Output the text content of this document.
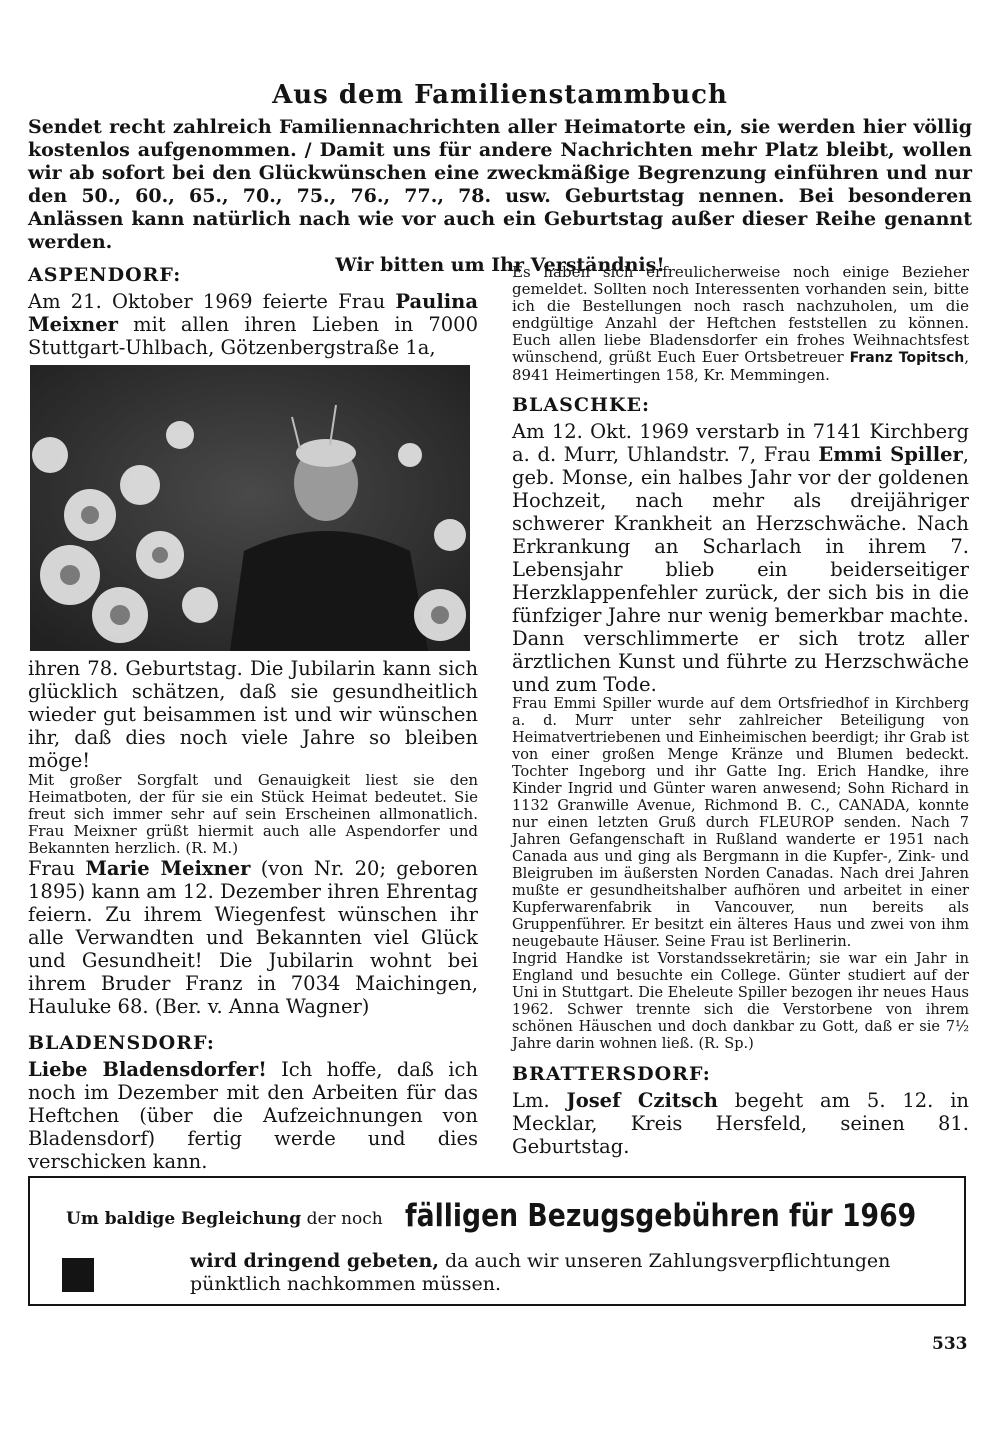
Aus dem Familienstammbuch
Sendet recht zahlreich Familiennachrichten aller Heimatorte ein, sie werden hier völlig kostenlos aufgenommen. / Damit uns für andere Nachrichten mehr Platz bleibt, wollen wir ab sofort bei den Glückwünschen eine zweckmäßige Begrenzung einführen und nur den 50., 60., 65., 70., 75., 76., 77., 78. usw. Geburtstag nennen. Bei besonderen Anlässen kann natürlich nach wie vor auch ein Geburtstag außer dieser Reihe genannt werden.
Wir bitten um Ihr Verständnis!
ASPENDORF:

Am 21. Oktober 1969 feierte Frau Paulina Meixner mit allen ihren Lieben in 7000 Stuttgart-Uhlbach, Götzenbergstraße 1a,

ihren 78. Geburtstag. Die Jubilarin kann sich glücklich schätzen, daß sie gesundheitlich wieder gut beisammen ist und wir wünschen ihr, daß dies noch viele Jahre so bleiben möge!

Mit großer Sorgfalt und Genauigkeit liest sie den Heimatboten, der für sie ein Stück Heimat bedeutet. Sie freut sich immer sehr auf sein Erscheinen allmonatlich. Frau Meixner grüßt hiermit auch alle Aspendorfer und Bekannten herzlich. (R. M.)

Frau Marie Meixner (von Nr. 20; geboren 1895) kann am 12. Dezember ihren Ehrentag feiern. Zu ihrem Wiegenfest wünschen ihr alle Verwandten und Bekannten viel Glück und Gesundheit! Die Jubilarin wohnt bei ihrem Bruder Franz in 7034 Maichingen, Hauluke 68. (Ber. v. Anna Wagner)

BLADENSDORF:

Liebe Bladensdorfer! Ich hoffe, daß ich noch im Dezember mit den Arbeiten für das Heftchen (über die Aufzeichnungen von Bladensdorf) fertig werde und dies verschicken kann.

Es haben sich erfreulicherweise noch einige Bezieher gemeldet. Sollten noch Interessenten vorhanden sein, bitte ich die Bestellungen noch rasch nachzuholen, um die endgültige Anzahl der Heftchen feststellen zu können. Euch allen liebe Bladensdorfer ein frohes Weihnachtsfest wünschend, grüßt Euch Euer Ortsbetreuer Franz Topitsch, 8941 Heimertingen 158, Kr. Memmingen.

BLASCHKE:

Am 12. Okt. 1969 verstarb in 7141 Kirchberg a. d. Murr, Uhlandstr. 7, Frau Emmi Spiller, geb. Monse, ein halbes Jahr vor der goldenen Hochzeit, nach mehr als dreijähriger schwerer Krankheit an Herzschwäche. Nach Erkrankung an Scharlach in ihrem 7. Lebensjahr blieb ein beiderseitiger Herzklappenfehler zurück, der sich bis in die fünfziger Jahre nur wenig bemerkbar machte. Dann verschlimmerte er sich trotz aller ärztlichen Kunst und führte zu Herzschwäche und zum Tode.

Frau Emmi Spiller wurde auf dem Ortsfriedhof in Kirchberg a. d. Murr unter sehr zahlreicher Beteiligung von Heimatvertriebenen und Einheimischen beerdigt; ihr Grab ist von einer großen Menge Kränze und Blumen bedeckt. Tochter Ingeborg und ihr Gatte Ing. Erich Handke, ihre Kinder Ingrid und Günter waren anwesend; Sohn Richard in 1132 Granwille Avenue, Richmond B. C., CANADA, konnte nur einen letzten Gruß durch FLEUROP senden. Nach 7 Jahren Gefangenschaft in Rußland wanderte er 1951 nach Canada aus und ging als Bergmann in die Kupfer-, Zink- und Bleigruben im äußersten Norden Canadas. Nach drei Jahren mußte er gesundheitshalber aufhören und arbeitet in einer Kupferwarenfabrik in Vancouver, nun bereits als Gruppenführer. Er besitzt ein älteres Haus und zwei von ihm neugebaute Häuser. Seine Frau ist Berlinerin.

Ingrid Handke ist Vorstandssekretärin; sie war ein Jahr in England und besuchte ein College. Günter studiert auf der Uni in Stuttgart. Die Eheleute Spiller bezogen ihr neues Haus 1962. Schwer trennte sich die Verstorbene von ihrem schönen Häuschen und doch dankbar zu Gott, daß er sie 7½ Jahre darin wohnen ließ. (R. Sp.)

BRATTERSDORF:

Lm. Josef Czitsch begeht am 5. 12. in Mecklar, Kreis Hersfeld, seinen 81. Geburtstag.

Um baldige Begleichung der noch fälligen Bezugsgebühren für 1969
wird dringend gebeten, da auch wir unseren Zahlungsverpflichtungen pünktlich nachkommen müssen.
533
